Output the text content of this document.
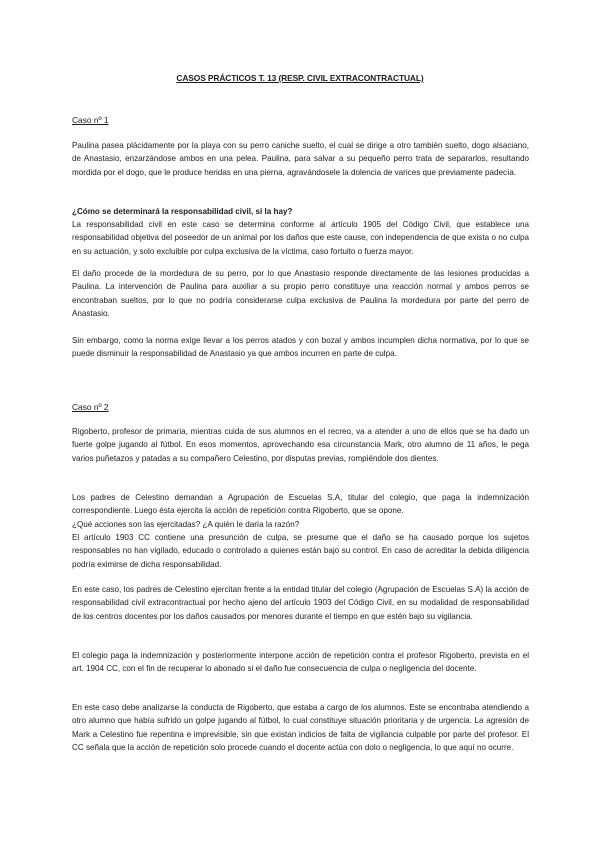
CASOS PRÁCTICOS T. 13 (RESP. CIVIL EXTRACONTRACTUAL)
Caso nº 1

Paulina pasea plácidamente por la playa con su perro caniche suelto, el cual se dirige a otro también suelto, dogo alsaciano, de Anastasio, enzarzándose ambos en una pelea. Paulina, para salvar a su pequeño perro trata de separarlos, resultando mordida por el dogo, que le produce heridas en una pierna, agravándosele la dolencia de varices que previamente padecía.

¿Cómo se determinará la responsabilidad civil, si la hay?

La responsabilidad civil en este caso se determina conforme al artículo 1905 del Código Civil, que establece una responsabilidad objetiva del poseedor de un animal por los daños que este cause, con independencia de que exista o no culpa en su actuación, y solo excluible por culpa exclusiva de la víctima, caso fortuito o fuerza mayor.

El daño procede de la mordedura de su perro, por lo que Anastasio responde directamente de las lesiones producidas a Paulina. La intervención de Paulina para auxiliar a su propio perro constituye una reacción normal y ambos perros se encontraban sueltos, por lo que no podría considerarse culpa exclusiva de Paulina la mordedura por parte del perro de Anastasio.

Sin embargo, como la norma exige llevar a los perros atados y con bozal y ambos incumplen dicha normativa, por lo que se puede disminuir la responsabilidad de Anastasio ya que ambos incurren en parte de culpa.

Caso nº 2

Rigoberto, profesor de primaria, mientras cuida de sus alumnos en el recreo, va a atender a uno de ellos que se ha dado un fuerte golpe jugando al fútbol. En esos momentos, aprovechando esa circunstancia Mark, otro alumno de 11 años, le pega varios puñetazos y patadas a su compañero Celestino, por disputas previas, rompiéndole dos dientes.

Los padres de Celestino demandan a Agrupación de Escuelas S.A, titular del colegio, que paga la indemnización correspondiente. Luego ésta ejercita la acción de repetición contra Rigoberto, que se opone.

¿Qué acciones son las ejercitadas? ¿A quién le daría la razón?

El artículo 1903 CC contiene una presunción de culpa, se presume que el daño se ha causado porque los sujetos responsables no han vigilado, educado o controlado a quienes están bajo su control. En caso de acreditar la debida diligencia podría eximirse de dicha responsabilidad.

En este caso, los padres de Celestino ejercitan frente a la entidad titular del colegio (Agrupación de Escuelas S.A) la acción de responsabilidad civil extracontractual por hecho ajeno del artículo 1903 del Código Civil, en su modalidad de responsabilidad de los centros docentes por los daños causados por menores durante el tiempo en que estén bajo su vigilancia.

El colegio paga la indemnización y posteriormente interpone acción de repetición contra el profesor Rigoberto, prevista en el art. 1904 CC, con el fin de recuperar lo abonado si el daño fue consecuencia de culpa o negligencia del docente.

En este caso debe analizarse la conducta de Rigoberto, que estaba a cargo de los alumnos. Este se encontraba atendiendo a otro alumno que había sufrido un golpe jugando al fútbol, lo cual constituye situación prioritaria y de urgencia. La agresión de Mark a Celestino fue repentina e imprevisible, sin que existan indicios de falta de vigilancia culpable por parte del profesor. El CC señala que la acción de repetición solo procede cuando el docente actúa con dolo o negligencia, lo que aquí no ocurre.
